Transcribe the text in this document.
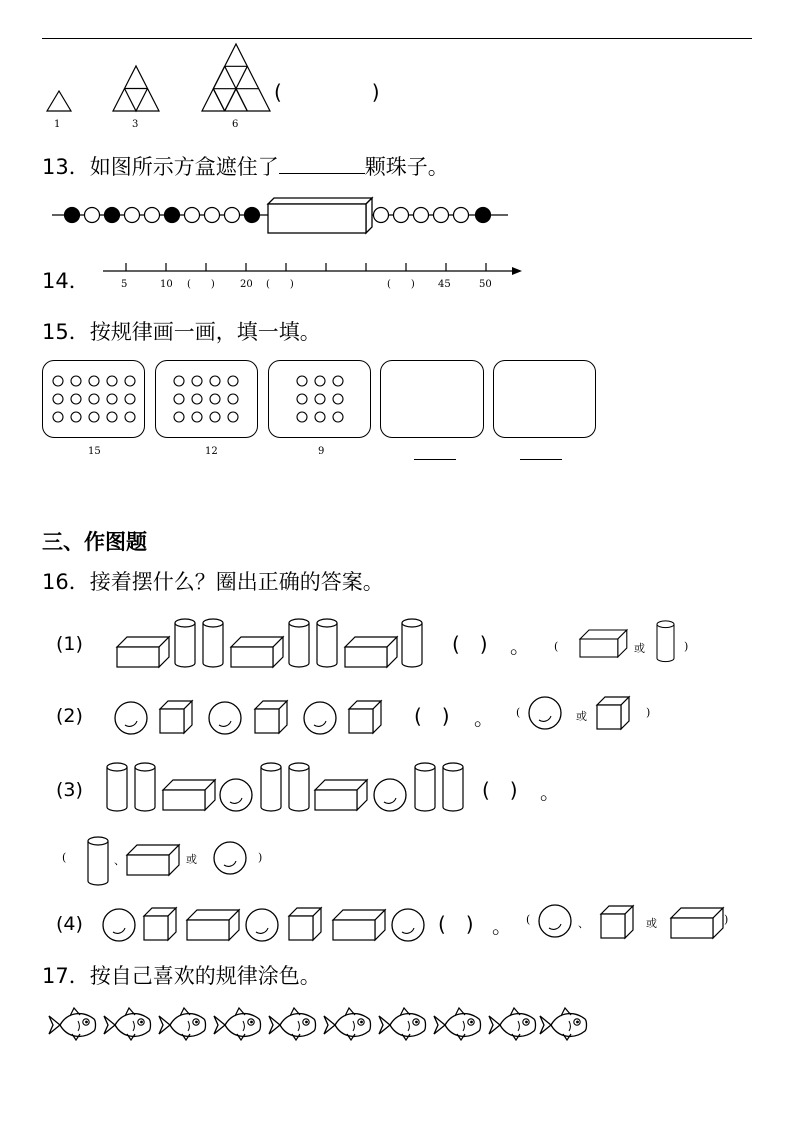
1	3	6
(　　　　)
13．如图所示方盒遮住了	颗珠子。
14．	5	10 (　　)	20 (　　)	(　　) 45	50
15．按规律画一画，填一填。
15	12	9
三、作图题
16．接着摆什么？圈出正确的答案。
(1)
(2)
(3)
(4)
(　) 。
(　) 。
(　) 。
(　) 。
(	或	)
(	或	)
(	、	或	)
(	、	或	)
17．按自己喜欢的规律涂色。
